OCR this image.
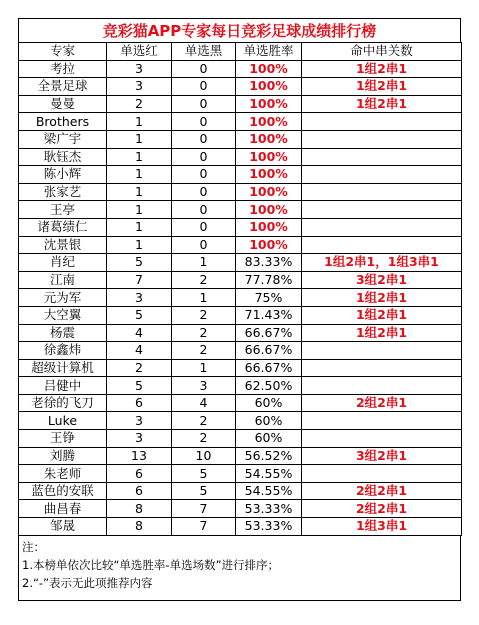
竞彩猫APP专家每日竞彩足球成绩排行榜
专家	单选红	单选黑	单选胜率	命中串关数
考拉	3	0	100%	1组2串1
全景足球	3	0	100%	1组2串1
曼曼	2	0	100%	1组2串1
Brothers	1	0	100%	
梁广宇	1	0	100%	
耿钰杰	1	0	100%	
陈小辉	1	0	100%	
张家艺	1	0	100%	
王亭	1	0	100%	
诸葛绩仁	1	0	100%	
沈景银	1	0	100%	
肖纪	5	1	83.33%	1组2串1，1组3串1
江南	7	2	77.78%	3组2串1
元为军	3	1	75%	1组2串1
大空翼	5	2	71.43%	1组2串1
杨震	4	2	66.67%	1组2串1
徐鑫炜	4	2	66.67%	
超级计算机	2	1	66.67%	
吕健中	5	3	62.50%	
老徐的飞刀	6	4	60%	2组2串1
Luke	3	2	60%	
王铮	3	2	60%	
刘腾	13	10	56.52%	3组2串1
朱老师	6	5	54.55%	
蓝色的安联	6	5	54.55%	2组2串1
曲昌春	8	7	53.33%	2组2串1
邹晟	8	7	53.33%	1组3串1
注：
1.本榜单依次比较“单选胜率-单选场数”进行排序；
2.“-”表示无此项推荐内容
